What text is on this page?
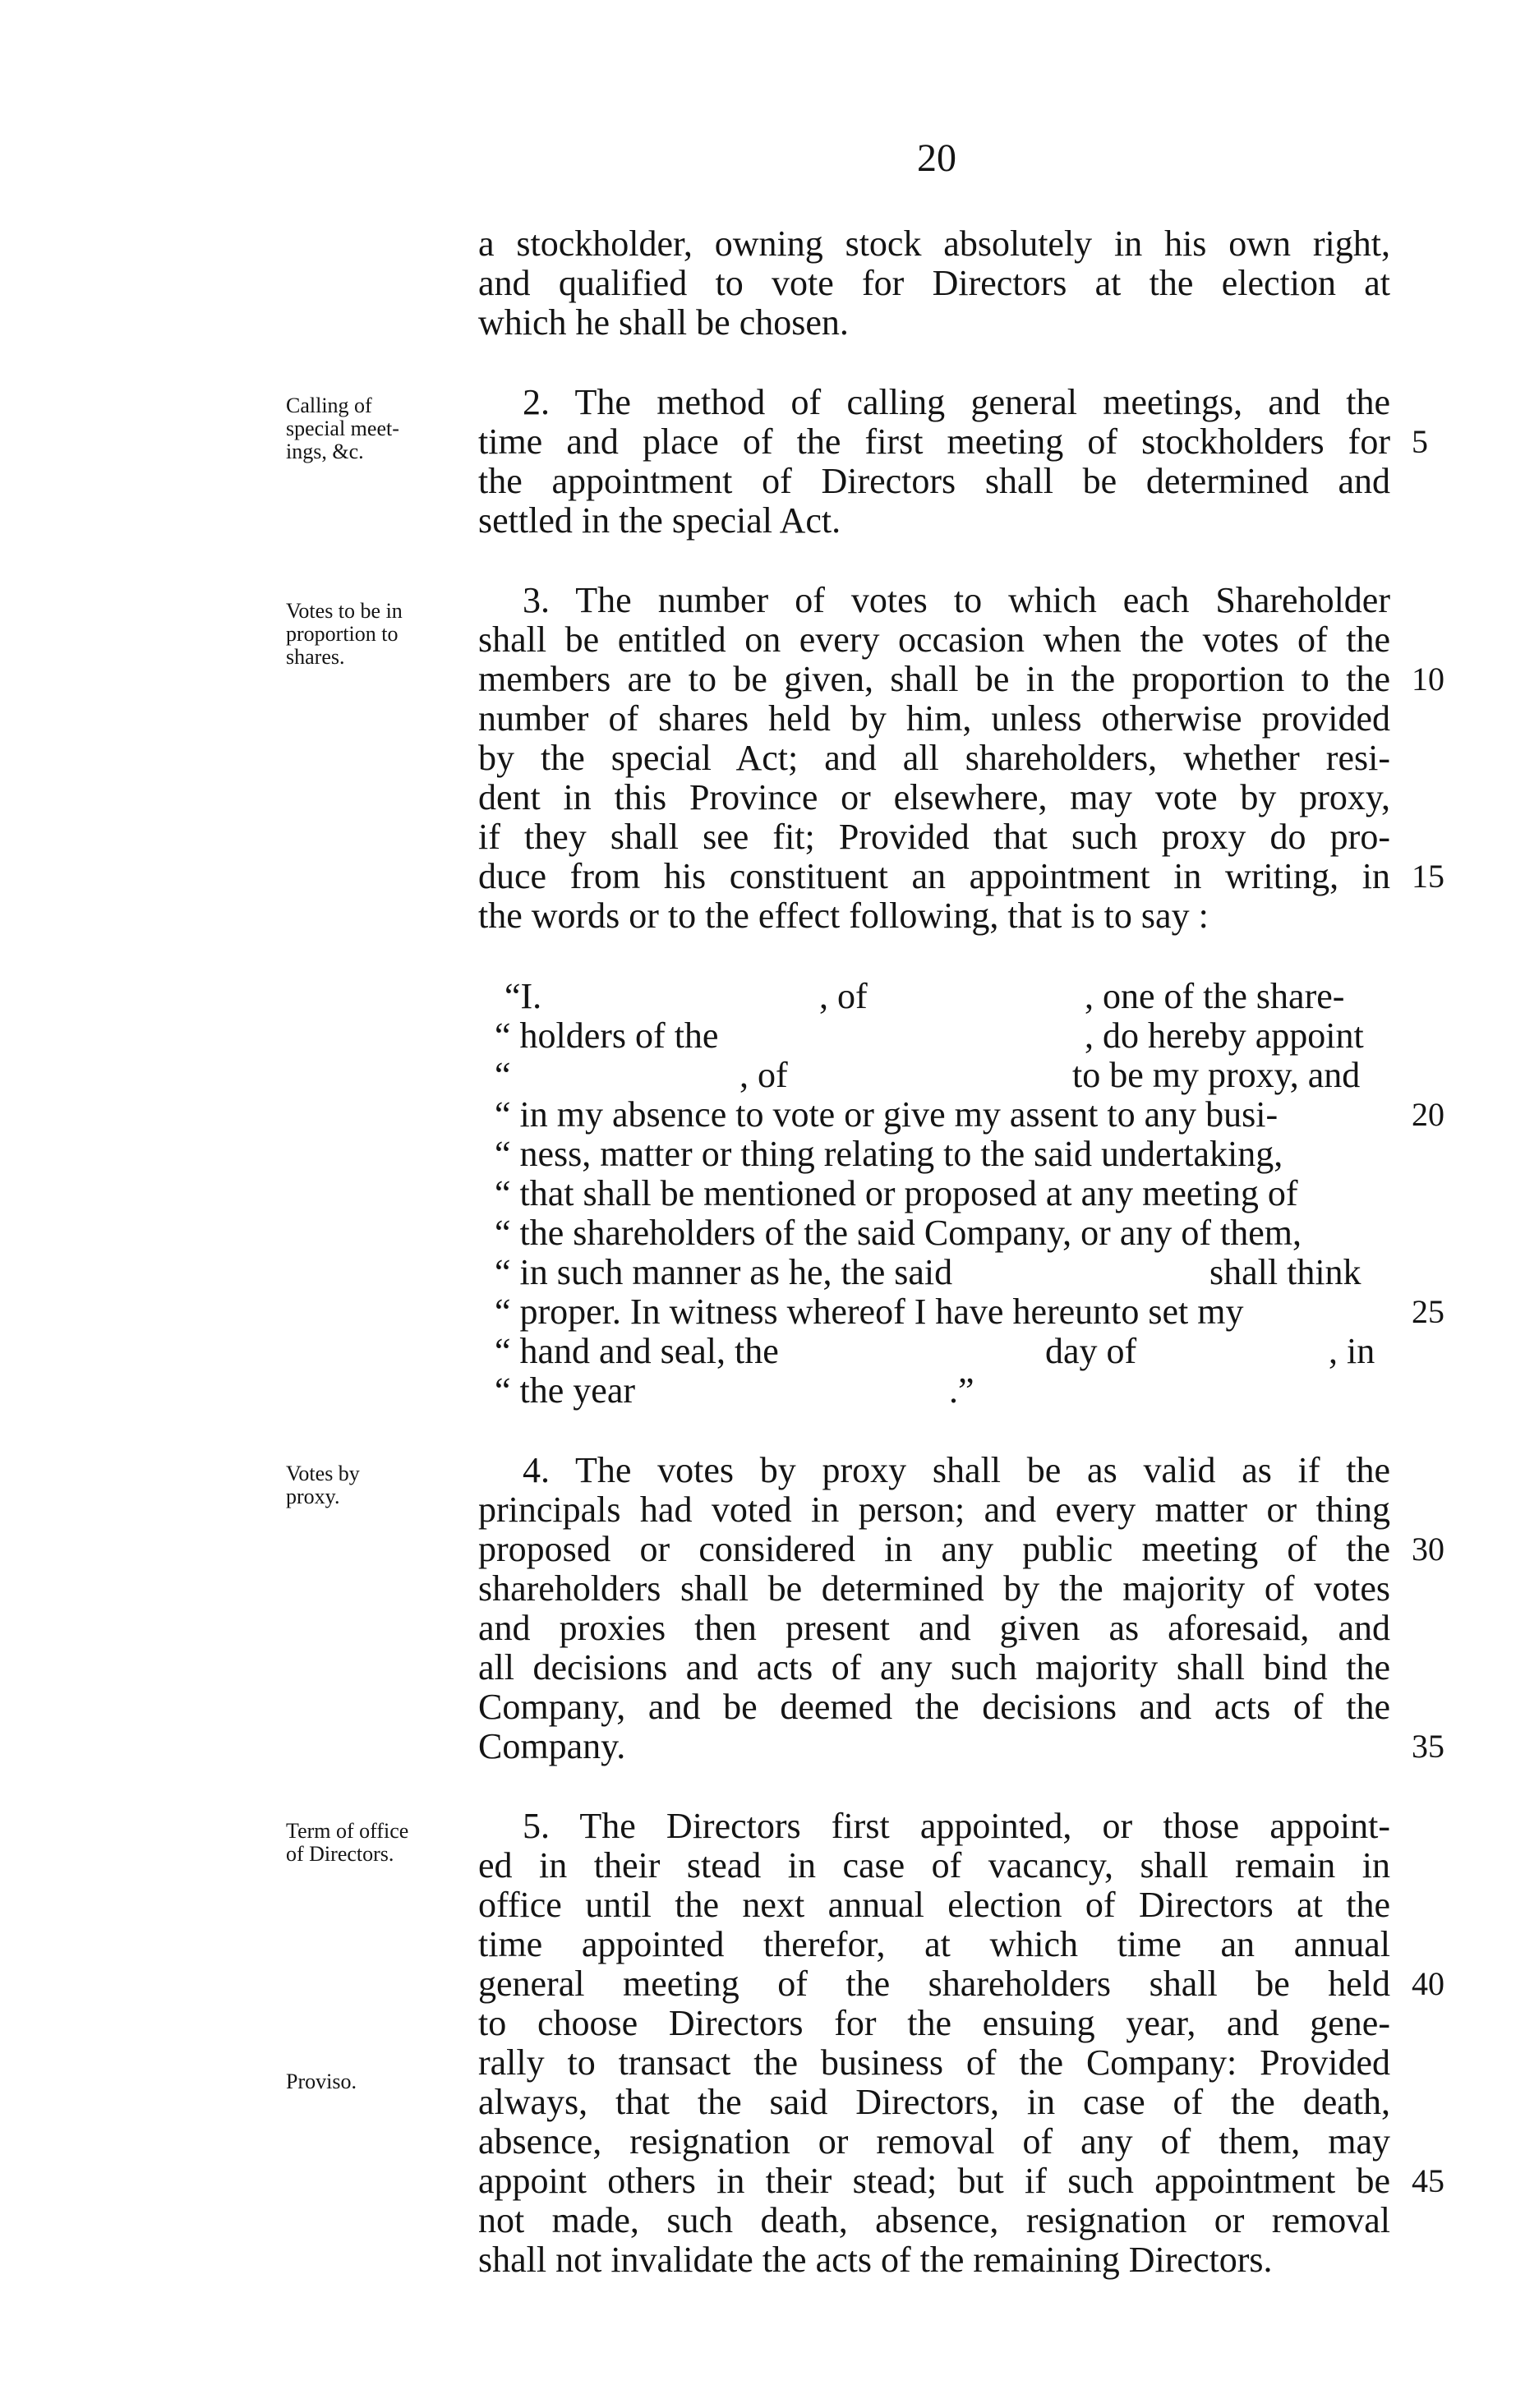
20
Calling of
special meet-
ings, &c.
Votes to be in
proportion to
shares.
Votes by
proxy.
Term of office
of Directors.
Proviso.
a stockholder, owning stock absolutely in his own right,
and qualified to vote for Directors at the election at
which he shall be chosen.
2. The method of calling general meetings, and the
time and place of the first meeting of stockholders for
the appointment of Directors shall be determined and
settled in the special Act.
3. The number of votes to which each Shareholder
shall be entitled on every occasion when the votes of the
members are to be given, shall be in the proportion to the
number of shares held by him, unless otherwise provided
by the special Act; and all shareholders, whether resi-
dent in this Province or elsewhere, may vote by proxy,
if they shall see fit; Provided that such proxy do pro-
duce from his constituent an appointment in writing, in
the words or to the effect following, that is to say :
“I.	, of	, one of the share-
“ holders of the	, do hereby appoint
“	, of	to be my proxy, and
“ in my absence to vote or give my assent to any busi-
“ ness, matter or thing relating to the said undertaking,
“ that shall be mentioned or proposed at any meeting of
“ the shareholders of the said Company, or any of them,
“ in such manner as he, the said	shall think
“ proper. In witness whereof I have hereunto set my
“ hand and seal, the	day of	, in
“ the year	.”
4. The votes by proxy shall be as valid as if the
principals had voted in person; and every matter or thing
proposed or considered in any public meeting of the
shareholders shall be determined by the majority of votes
and proxies then present and given as aforesaid, and
all decisions and acts of any such majority shall bind the
Company, and be deemed the decisions and acts of the
Company.
5. The Directors first appointed, or those appoint-
ed in their stead in case of vacancy, shall remain in
office until the next annual election of Directors at the
time appointed therefor, at which time an annual
general meeting of the shareholders shall be held
to choose Directors for the ensuing year, and gene-
rally to transact the business of the Company: Provided
always, that the said Directors, in case of the death,
absence, resignation or removal of any of them, may
appoint others in their stead; but if such appointment be
not made, such death, absence, resignation or removal
shall not invalidate the acts of the remaining Directors.
5
10
15
20
25
30
35
40
45
